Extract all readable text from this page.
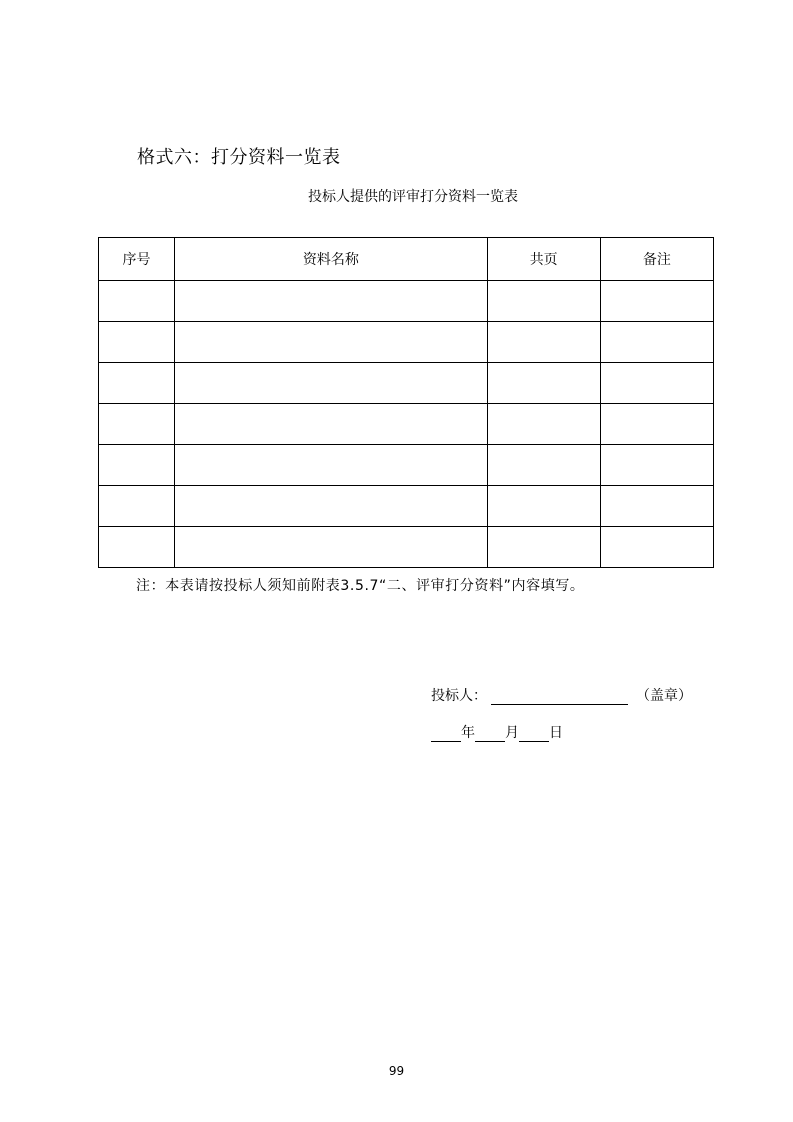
格式六：打分资料一览表
投标人提供的评审打分资料一览表
序号	资料名称	共页	备注

注：本表请按投标人须知前附表3.5.7“二、评审打分资料”内容填写。
投标人：	（盖章）
年 月 日
99
